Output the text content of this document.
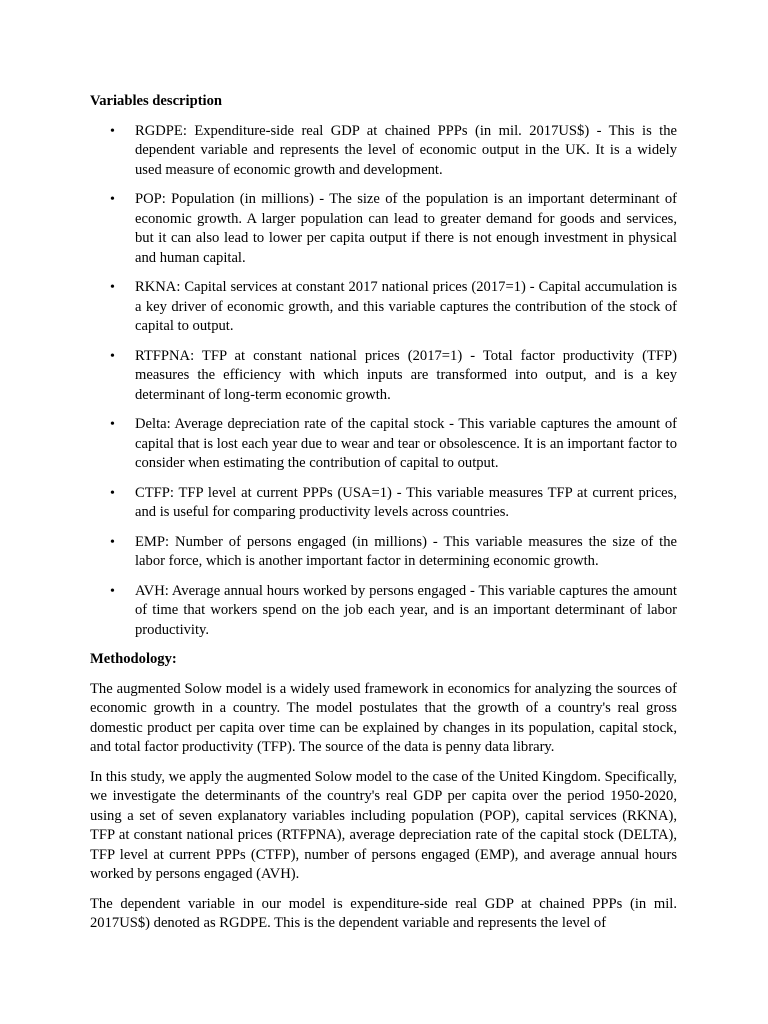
Variables description

• RGDPE: Expenditure-side real GDP at chained PPPs (in mil. 2017US$) - This is the dependent variable and represents the level of economic output in the UK. It is a widely used measure of economic growth and development.
• POP: Population (in millions) - The size of the population is an important determinant of economic growth. A larger population can lead to greater demand for goods and services, but it can also lead to lower per capita output if there is not enough investment in physical and human capital.
• RKNA: Capital services at constant 2017 national prices (2017=1) - Capital accumulation is a key driver of economic growth, and this variable captures the contribution of the stock of capital to output.
• RTFPNA: TFP at constant national prices (2017=1) - Total factor productivity (TFP) measures the efficiency with which inputs are transformed into output, and is a key determinant of long-term economic growth.
• Delta: Average depreciation rate of the capital stock - This variable captures the amount of capital that is lost each year due to wear and tear or obsolescence. It is an important factor to consider when estimating the contribution of capital to output.
• CTFP: TFP level at current PPPs (USA=1) - This variable measures TFP at current prices, and is useful for comparing productivity levels across countries.
• EMP: Number of persons engaged (in millions) - This variable measures the size of the labor force, which is another important factor in determining economic growth.
• AVH: Average annual hours worked by persons engaged - This variable captures the amount of time that workers spend on the job each year, and is an important determinant of labor productivity.

Methodology:

The augmented Solow model is a widely used framework in economics for analyzing the sources of economic growth in a country. The model postulates that the growth of a country's real gross domestic product per capita over time can be explained by changes in its population, capital stock, and total factor productivity (TFP). The source of the data is penny data library.

In this study, we apply the augmented Solow model to the case of the United Kingdom. Specifically, we investigate the determinants of the country's real GDP per capita over the period 1950-2020, using a set of seven explanatory variables including population (POP), capital services (RKNA), TFP at constant national prices (RTFPNA), average depreciation rate of the capital stock (DELTA), TFP level at current PPPs (CTFP), number of persons engaged (EMP), and average annual hours worked by persons engaged (AVH).

The dependent variable in our model is expenditure-side real GDP at chained PPPs (in mil. 2017US$) denoted as RGDPE. This is the dependent variable and represents the level of
